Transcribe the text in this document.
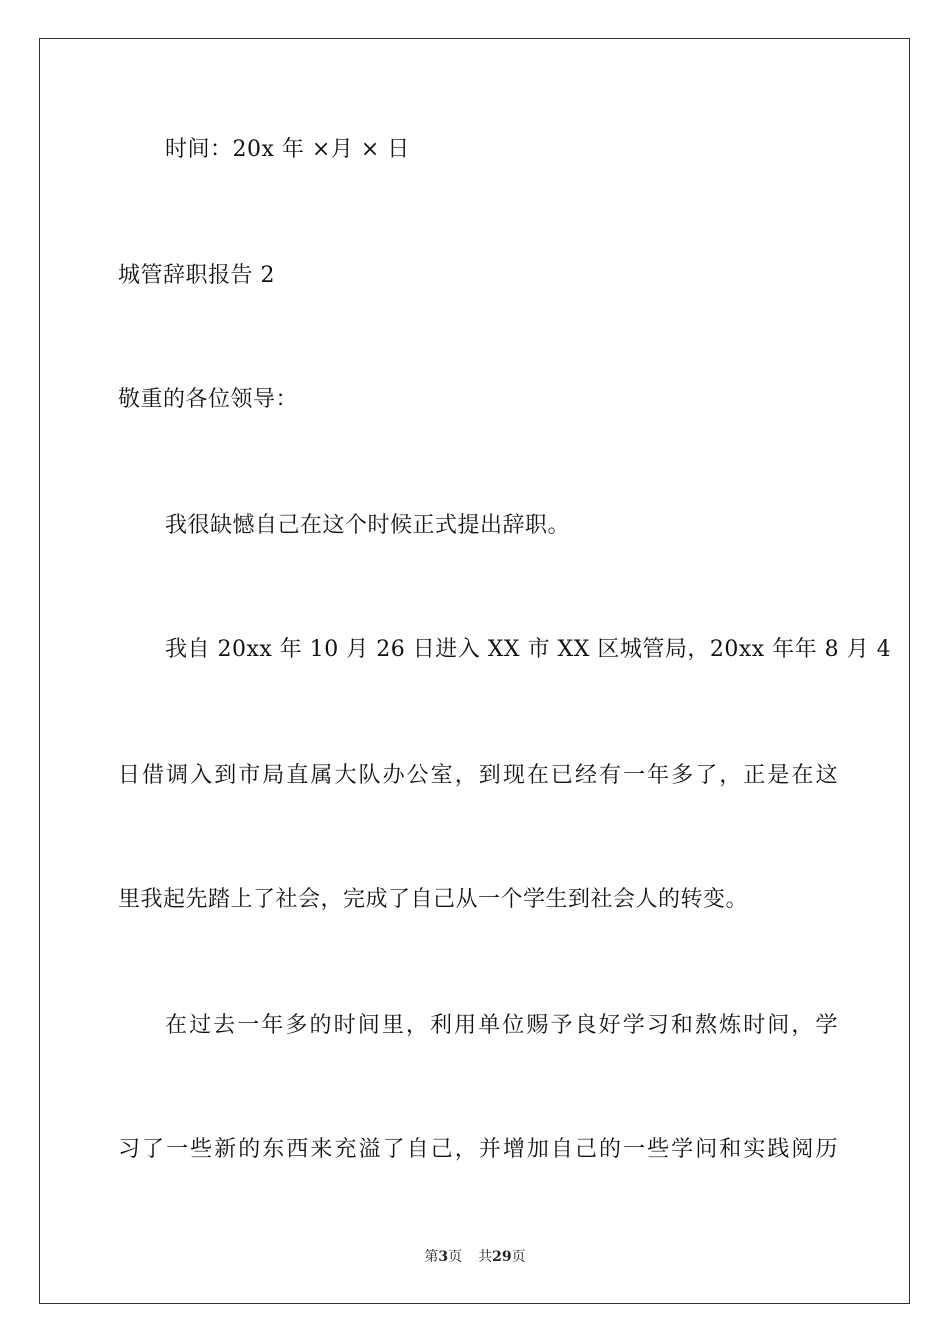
时间：20x 年 ×月 × 日
城管辞职报告 2
敬重的各位领导：
我很缺憾自己在这个时候正式提出辞职。
我自 20xx 年 10 月 26 日进入 XX 市 XX 区城管局，20xx 年年 8 月 4
日借调入到市局直属大队办公室，到现在已经有一年多了，正是在这
里我起先踏上了社会，完成了自己从一个学生到社会人的转变。
在过去一年多的时间里，利用单位赐予良好学习和熬炼时间，学
习了一些新的东西来充溢了自己，并增加自己的一些学问和实践阅历
第3页 共29页
